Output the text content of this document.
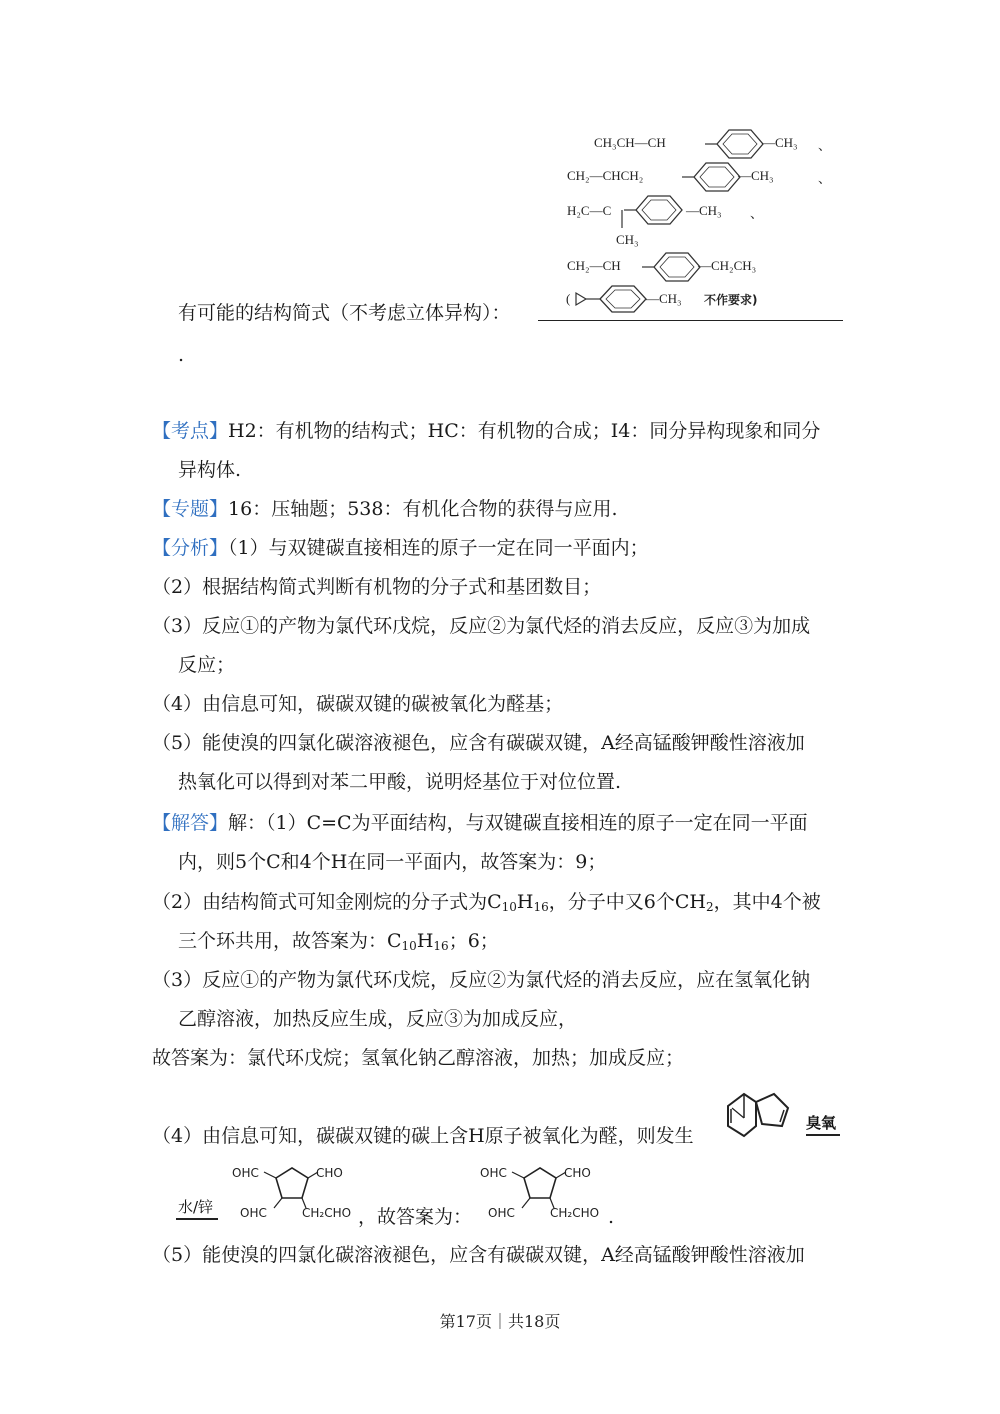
CH₃CH—CH	—CH₃ 、
CH₂—CHCH₂	—CH₃	、
H₂C—C	—CH₃ 、
CH₃
CH₂—CH	—CH₂CH₃
(	—CH₃ 不作要求)
有可能的结构简式（不考虑立体异构）：
.
【考点】H2：有机物的结构式；HC：有机物的合成；I4：同分异构现象和同分
异构体.
【专题】16：压轴题；538：有机化合物的获得与应用.
【分析】（1）与双键碳直接相连的原子一定在同一平面内；
（2）根据结构简式判断有机物的分子式和基团数目；
（3）反应①的产物为氯代环戊烷，反应②为氯代烃的消去反应，反应③为加成
反应；
（4）由信息可知，碳碳双键的碳被氧化为醛基；
（5）能使溴的四氯化碳溶液褪色，应含有碳碳双键，A经高锰酸钾酸性溶液加
热氧化可以得到对苯二甲酸，说明烃基位于对位位置.
【解答】解：（1）C=C为平面结构，与双键碳直接相连的原子一定在同一平面
内，则5个C和4个H在同一平面内，故答案为：9；
（2）由结构简式可知金刚烷的分子式为$C_{10}H_{16}$，分子中又6个$CH_2$，其中4个被
三个环共用，故答案为：$C_{10}H_{16}$；6；
（3）反应①的产物为氯代环戊烷，反应②为氯代烃的消去反应，应在氢氧化钠
乙醇溶液，加热反应生成，反应③为加成反应，
故答案为：氯代环戊烷；氢氧化钠乙醇溶液，加热；加成反应；
（4）由信息可知，碳碳双键的碳上含H原子被氧化为醛，则发生
臭氧
水/锌
OHC	CHO
OHC	CH₂CHO ，故答案为：
OHC	CHO
OHC	CH₂CHO .
（5）能使溴的四氯化碳溶液褪色，应含有碳碳双键，A经高锰酸钾酸性溶液加
第17页｜共18页
